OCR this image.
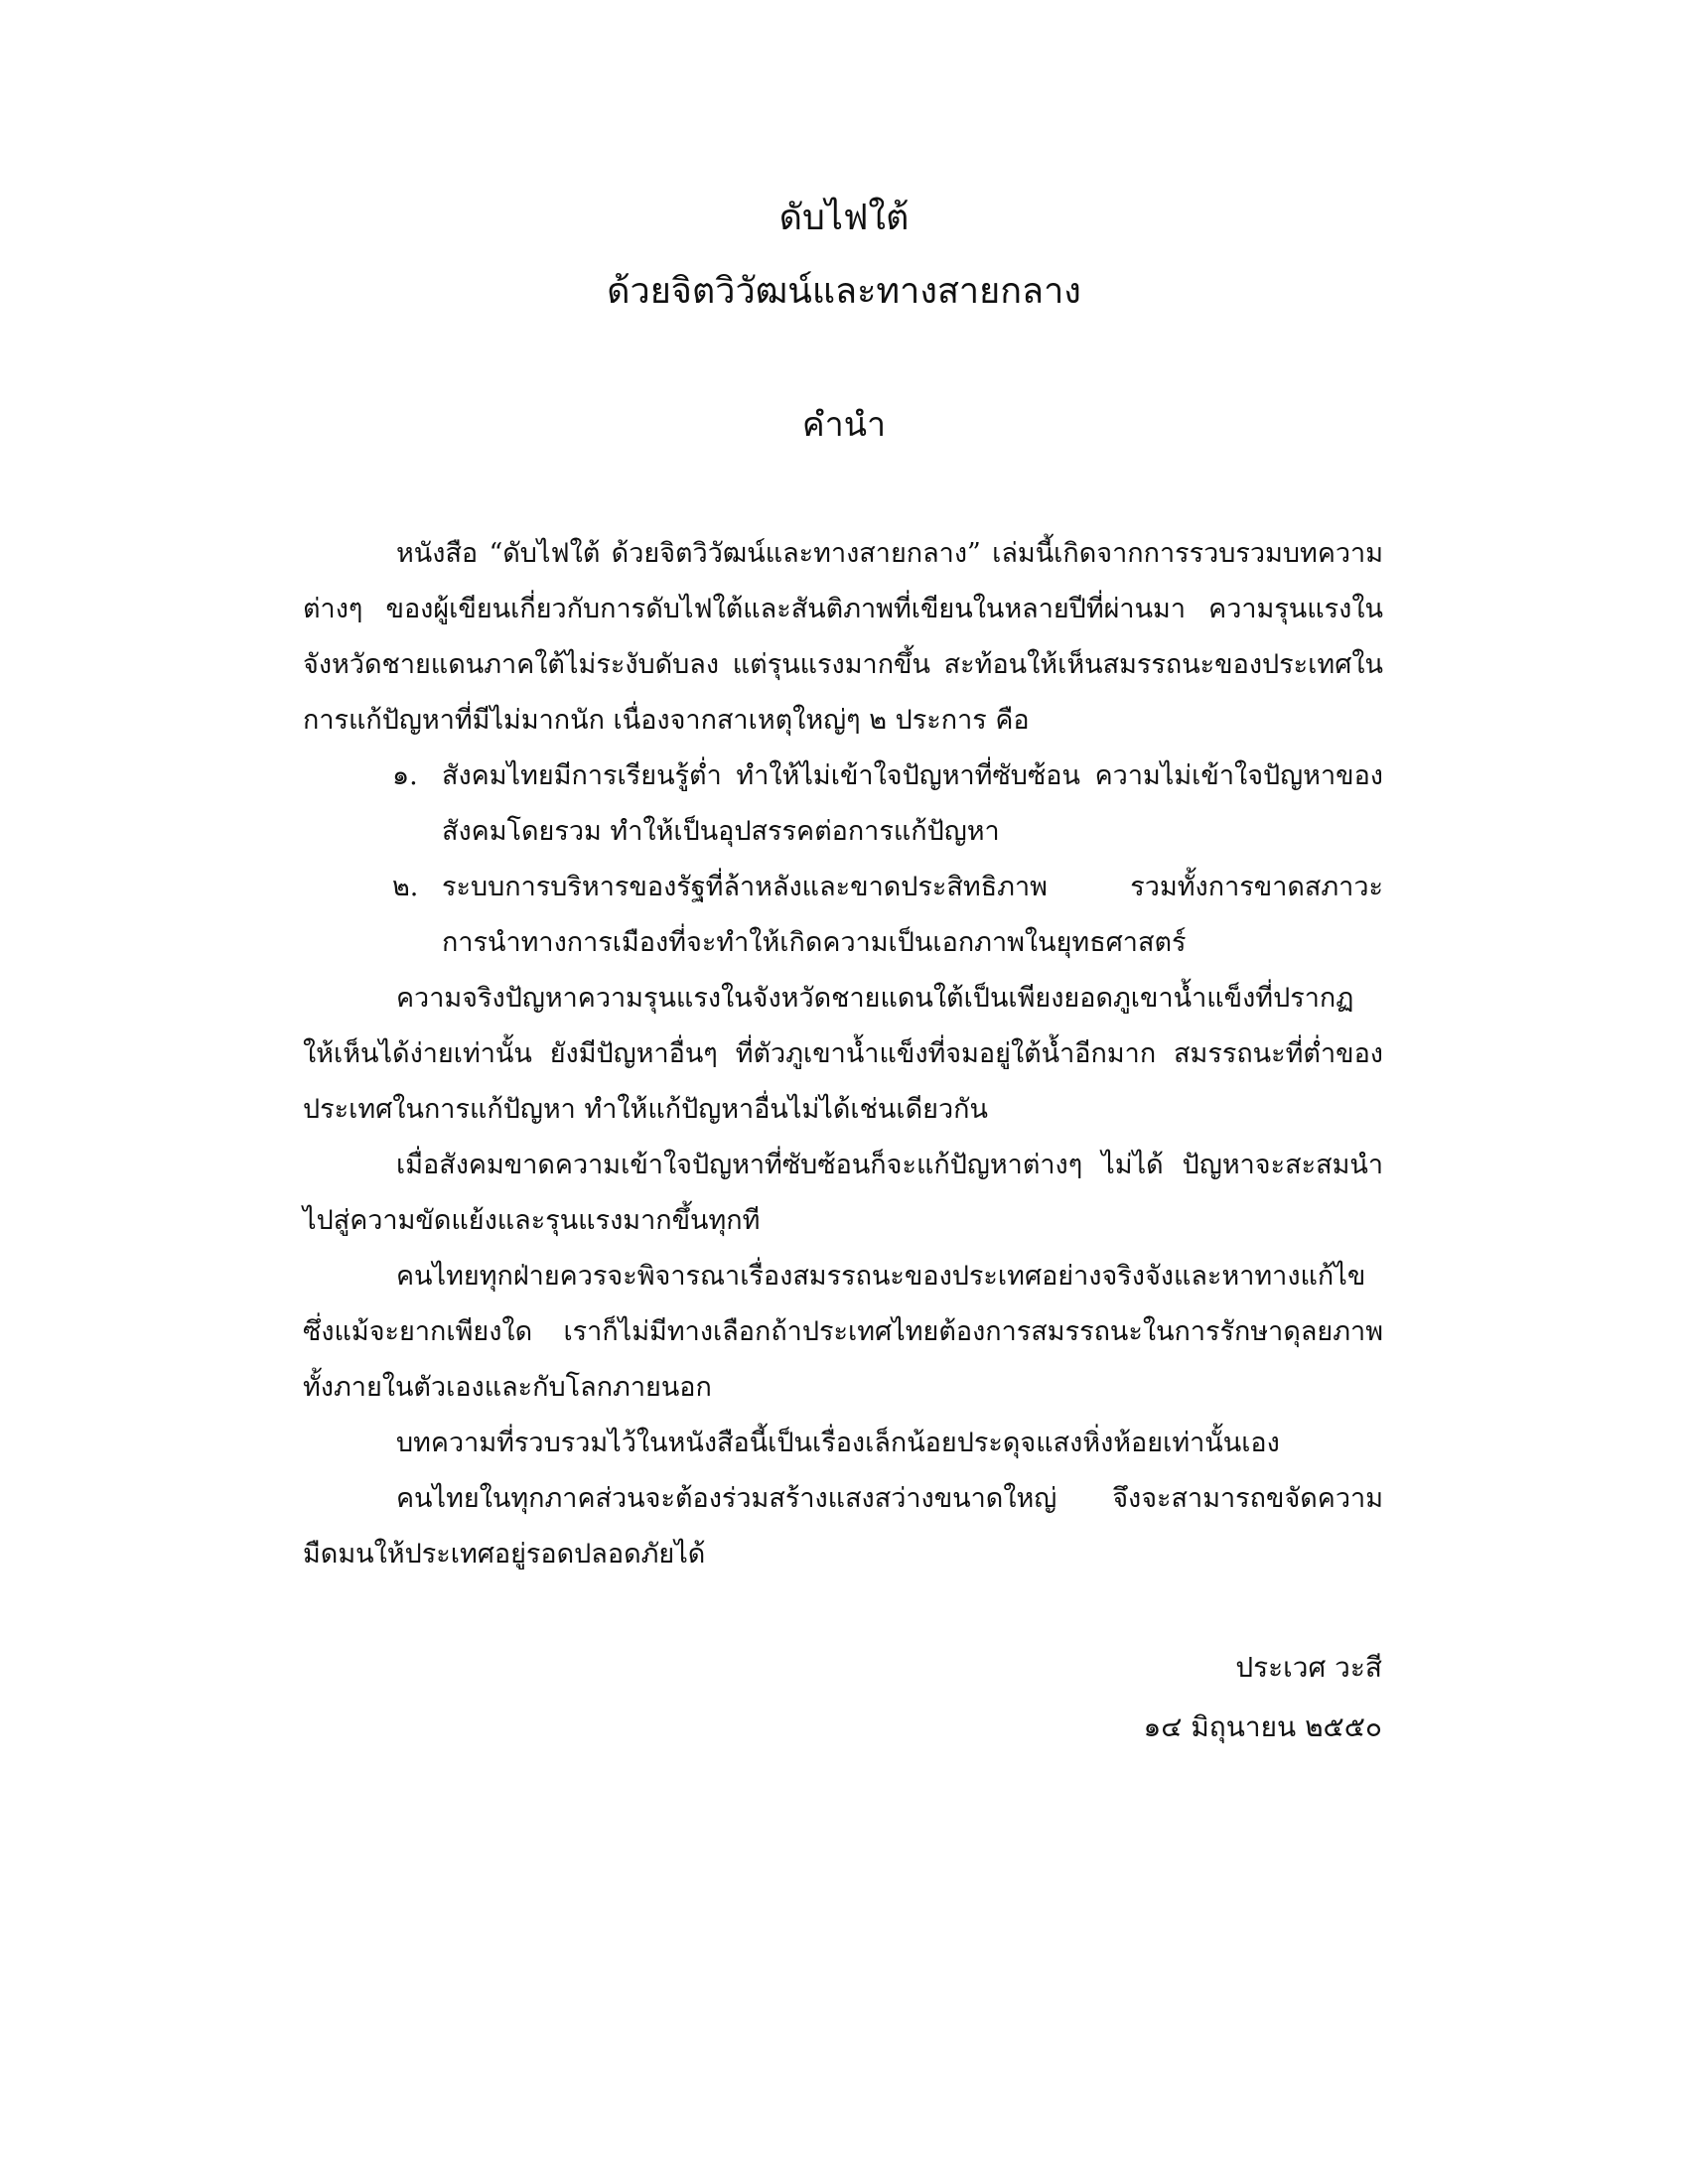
ดับไฟใต้
ด้วยจิตวิวัฒน์และทางสายกลาง
คำนำ

หนังสือ “ดับไฟใต้ ด้วยจิตวิวัฒน์และทางสายกลาง” เล่มนี้เกิดจากการรวบรวมบทความต่างๆ ของผู้เขียนเกี่ยวกับการดับไฟใต้และสันติภาพที่เขียนในหลายปีที่ผ่านมา ความรุนแรงในจังหวัดชายแดนภาคใต้ไม่ระงับดับลง แต่รุนแรงมากขึ้น สะท้อนให้เห็นสมรรถนะของประเทศในการแก้ปัญหาที่มีไม่มากนัก เนื่องจากสาเหตุใหญ่ๆ ๒ ประการ คือ

๑. สังคมไทยมีการเรียนรู้ต่ำ ทำให้ไม่เข้าใจปัญหาที่ซับซ้อน ความไม่เข้าใจปัญหาของสังคมโดยรวม ทำให้เป็นอุปสรรคต่อการแก้ปัญหา
๒. ระบบการบริหารของรัฐที่ล้าหลังและขาดประสิทธิภาพ รวมทั้งการขาดสภาวะการนำทางการเมืองที่จะทำให้เกิดความเป็นเอกภาพในยุทธศาสตร์

ความจริงปัญหาความรุนแรงในจังหวัดชายแดนใต้เป็นเพียงยอดภูเขาน้ำแข็งที่ปรากฏให้เห็นได้ง่ายเท่านั้น ยังมีปัญหาอื่นๆ ที่ตัวภูเขาน้ำแข็งที่จมอยู่ใต้น้ำอีกมาก สมรรถนะที่ต่ำของประเทศในการแก้ปัญหา ทำให้แก้ปัญหาอื่นไม่ได้เช่นเดียวกัน

เมื่อสังคมขาดความเข้าใจปัญหาที่ซับซ้อนก็จะแก้ปัญหาต่างๆ ไม่ได้ ปัญหาจะสะสมนำไปสู่ความขัดแย้งและรุนแรงมากขึ้นทุกที

คนไทยทุกฝ่ายควรจะพิจารณาเรื่องสมรรถนะของประเทศอย่างจริงจังและหาทางแก้ไข ซึ่งแม้จะยากเพียงใด เราก็ไม่มีทางเลือกถ้าประเทศไทยต้องการสมรรถนะในการรักษาดุลยภาพทั้งภายในตัวเองและกับโลกภายนอก

บทความที่รวบรวมไว้ในหนังสือนี้เป็นเรื่องเล็กน้อยประดุจแสงหิ่งห้อยเท่านั้นเอง

คนไทยในทุกภาคส่วนจะต้องร่วมสร้างแสงสว่างขนาดใหญ่ จึงจะสามารถขจัดความมืดมนให้ประเทศอยู่รอดปลอดภัยได้

ประเวศ วะสี
๑๔ มิถุนายน ๒๕๕๐
